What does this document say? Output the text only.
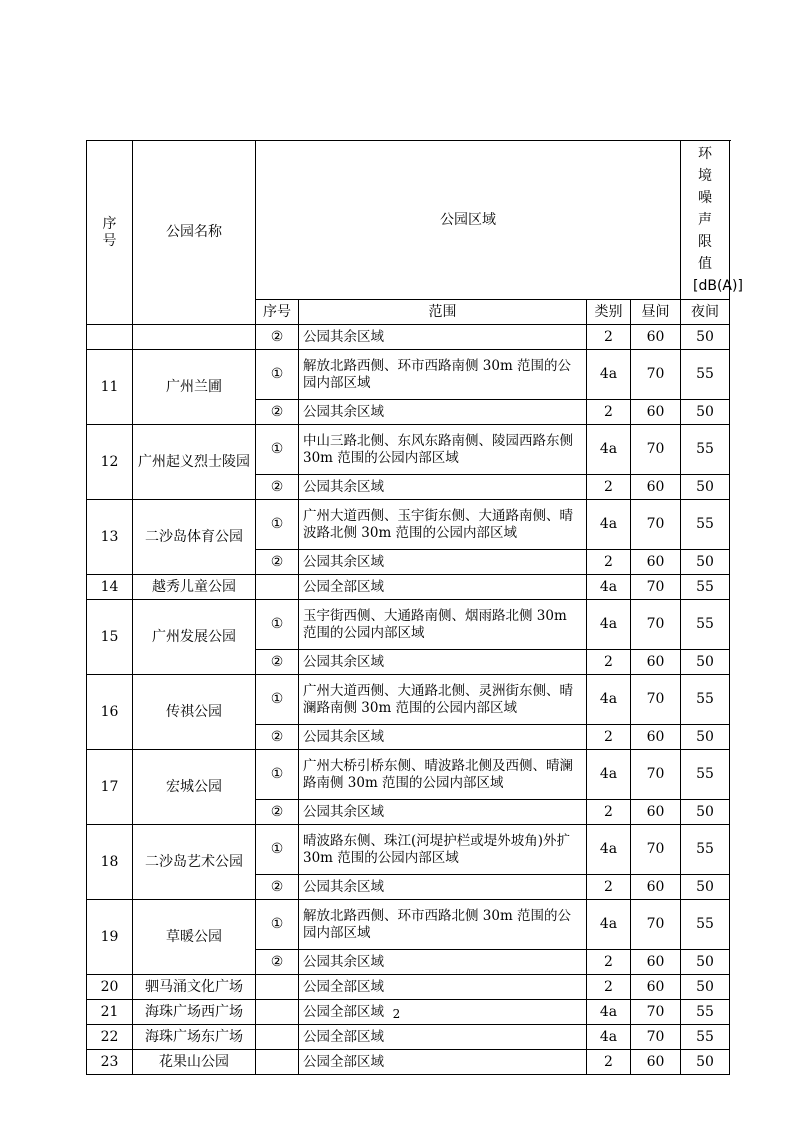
序号	公园名称	公园区域				环境噪声限值[dB(A)]
		序号	范围	类别	昼间	夜间
		②	公园其余区域	2	60	50
11	广州兰圃	①	解放北路西侧、环市西路南侧 30m 范围的公园内部区域	4a	70	55
		②	公园其余区域	2	60	50
12	广州起义烈士陵园	①	中山三路北侧、东风东路南侧、陵园西路东侧 30m 范围的公园内部区域	4a	70	55
		②	公园其余区域	2	60	50
13	二沙岛体育公园	①	广州大道西侧、玉宇街东侧、大通路南侧、晴波路北侧 30m 范围的公园内部区域	4a	70	55
		②	公园其余区域	2	60	50
14	越秀儿童公园		公园全部区域	4a	70	55
15	广州发展公园	①	玉宇街西侧、大通路南侧、烟雨路北侧 30m 范围的公园内部区域	4a	70	55
		②	公园其余区域	2	60	50
16	传祺公园	①	广州大道西侧、大通路北侧、灵洲街东侧、晴澜路南侧 30m 范围的公园内部区域	4a	70	55
		②	公园其余区域	2	60	50
17	宏城公园	①	广州大桥引桥东侧、晴波路北侧及西侧、晴澜路南侧 30m 范围的公园内部区域	4a	70	55
		②	公园其余区域	2	60	50
18	二沙岛艺术公园	①	晴波路东侧、珠江(河堤护栏或堤外坡角)外扩 30m 范围的公园内部区域	4a	70	55
		②	公园其余区域	2	60	50
19	草暖公园	①	解放北路西侧、环市西路北侧 30m 范围的公园内部区域	4a	70	55
		②	公园其余区域	2	60	50
20	驷马涌文化广场		公园全部区域	2	60	50
21	海珠广场西广场		公园全部区域	4a	70	55
22	海珠广场东广场		公园全部区域	4a	70	55
23	花果山公园		公园全部区域	2	60	50
2
